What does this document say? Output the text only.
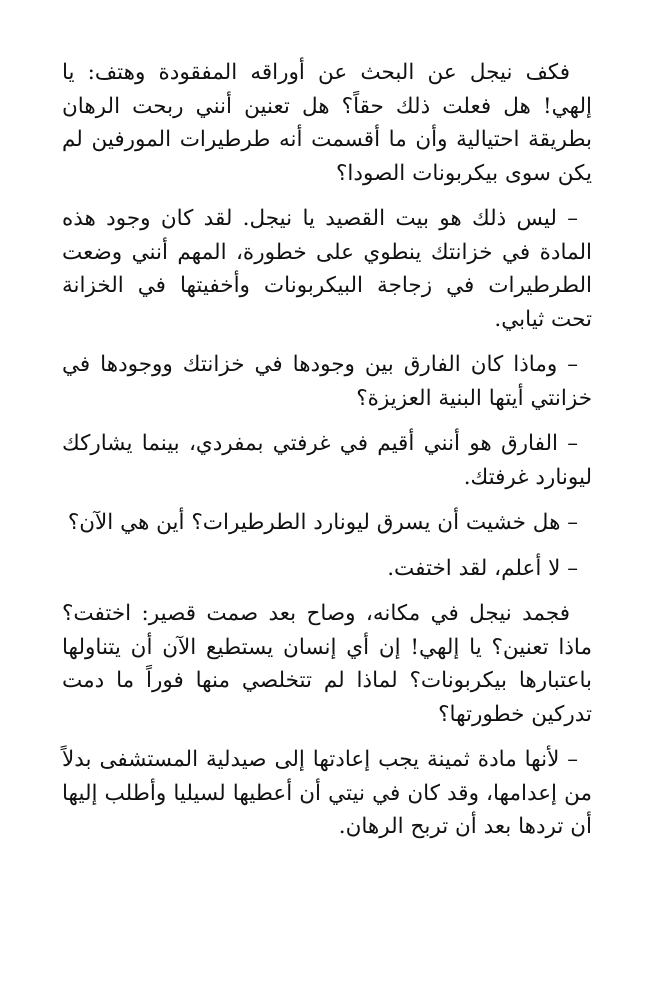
فكف نيجل عن البحث عن أوراقه المفقودة وهتف: يا إلهي! هل فعلت ذلك حقاً؟ هل تعنين أنني ربحت الرهان بطريقة احتيالية وأن ما أقسمت أنه طرطيرات المورفين لم يكن سوى بيكربونات الصودا؟

– ليس ذلك هو بيت القصيد يا نيجل. لقد كان وجود هذه المادة في خزانتك ينطوي على خطورة، المهم أنني وضعت الطرطيرات في زجاجة البيكربونات وأخفيتها في الخزانة تحت ثيابي.

– وماذا كان الفارق بين وجودها في خزانتك ووجودها في خزانتي أيتها البنية العزيزة؟

– الفارق هو أنني أقيم في غرفتي بمفردي، بينما يشاركك ليونارد غرفتك.

– هل خشيت أن يسرق ليونارد الطرطيرات؟ أين هي الآن؟

– لا أعلم، لقد اختفت.

فجمد نيجل في مكانه، وصاح بعد صمت قصير: اختفت؟ ماذا تعنين؟ يا إلهي! إن أي إنسان يستطيع الآن أن يتناولها باعتبارها بيكربونات؟ لماذا لم تتخلصي منها فوراً ما دمت تدركين خطورتها؟

– لأنها مادة ثمينة يجب إعادتها إلى صيدلية المستشفى بدلاً من إعدامها، وقد كان في نيتي أن أعطيها لسيليا وأطلب إليها أن تردها بعد أن تربح الرهان.
